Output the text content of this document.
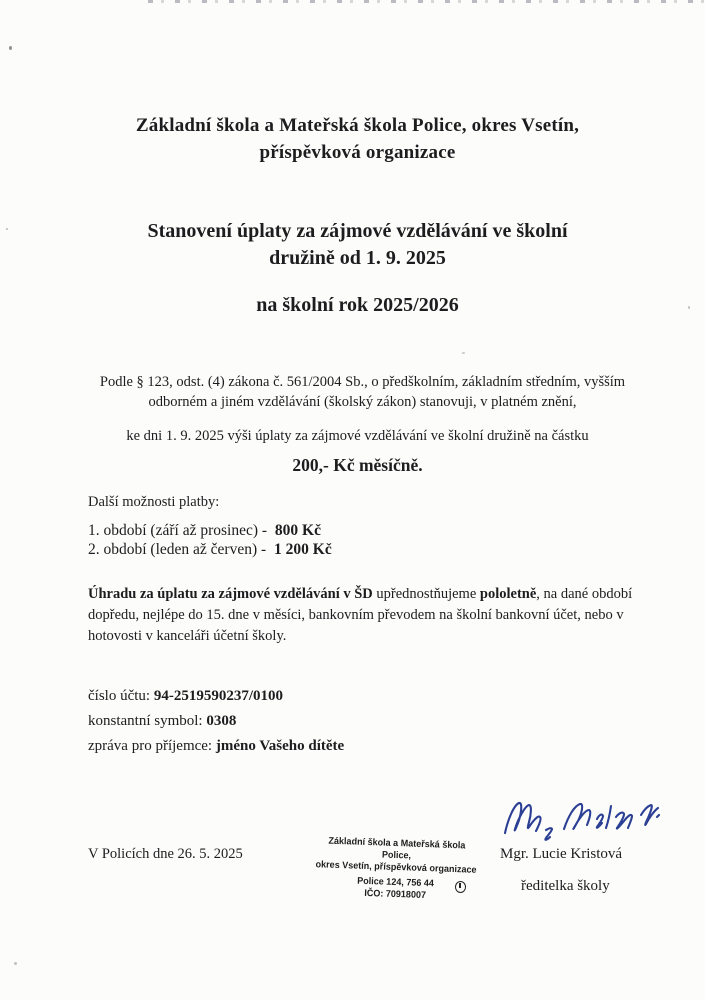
Základní škola a Mateřská škola Police, okres Vsetín,
příspěvková organizace
Stanovení úplaty za zájmové vzdělávání ve školní
družině od 1. 9. 2025
na školní rok 2025/2026
Podle § 123, odst. (4) zákona č. 561/2004 Sb., o předškolním, základním středním, vyšším odborném a jiném vzdělávání (školský zákon) stanovuji, v platném znění,
ke dni 1. 9. 2025 výši úplaty za zájmové vzdělávání ve školní družině na částku
200,- Kč měsíčně.
Další možnosti platby:
1. období (září až prosinec) - 800 Kč
2. období (leden až červen) - 1 200 Kč
Úhradu za úplatu za zájmové vzdělávání v ŠD upřednostňujeme pololetně, na dané období dopředu, nejlépe do 15. dne v měsíci, bankovním převodem na školní bankovní účet, nebo v hotovosti v kanceláři účetní školy.
číslo účtu: 94-2519590237/0100
konstantní symbol: 0308
zpráva pro příjemce: jméno Vašeho dítěte
V Policích dne 26. 5. 2025
Základní škola a Mateřská škola Police,
okres Vsetín, příspěvková organizace
Police 124, 756 44
IČO: 70918007
Mgr. Lucie Kristová
ředitelka školy
